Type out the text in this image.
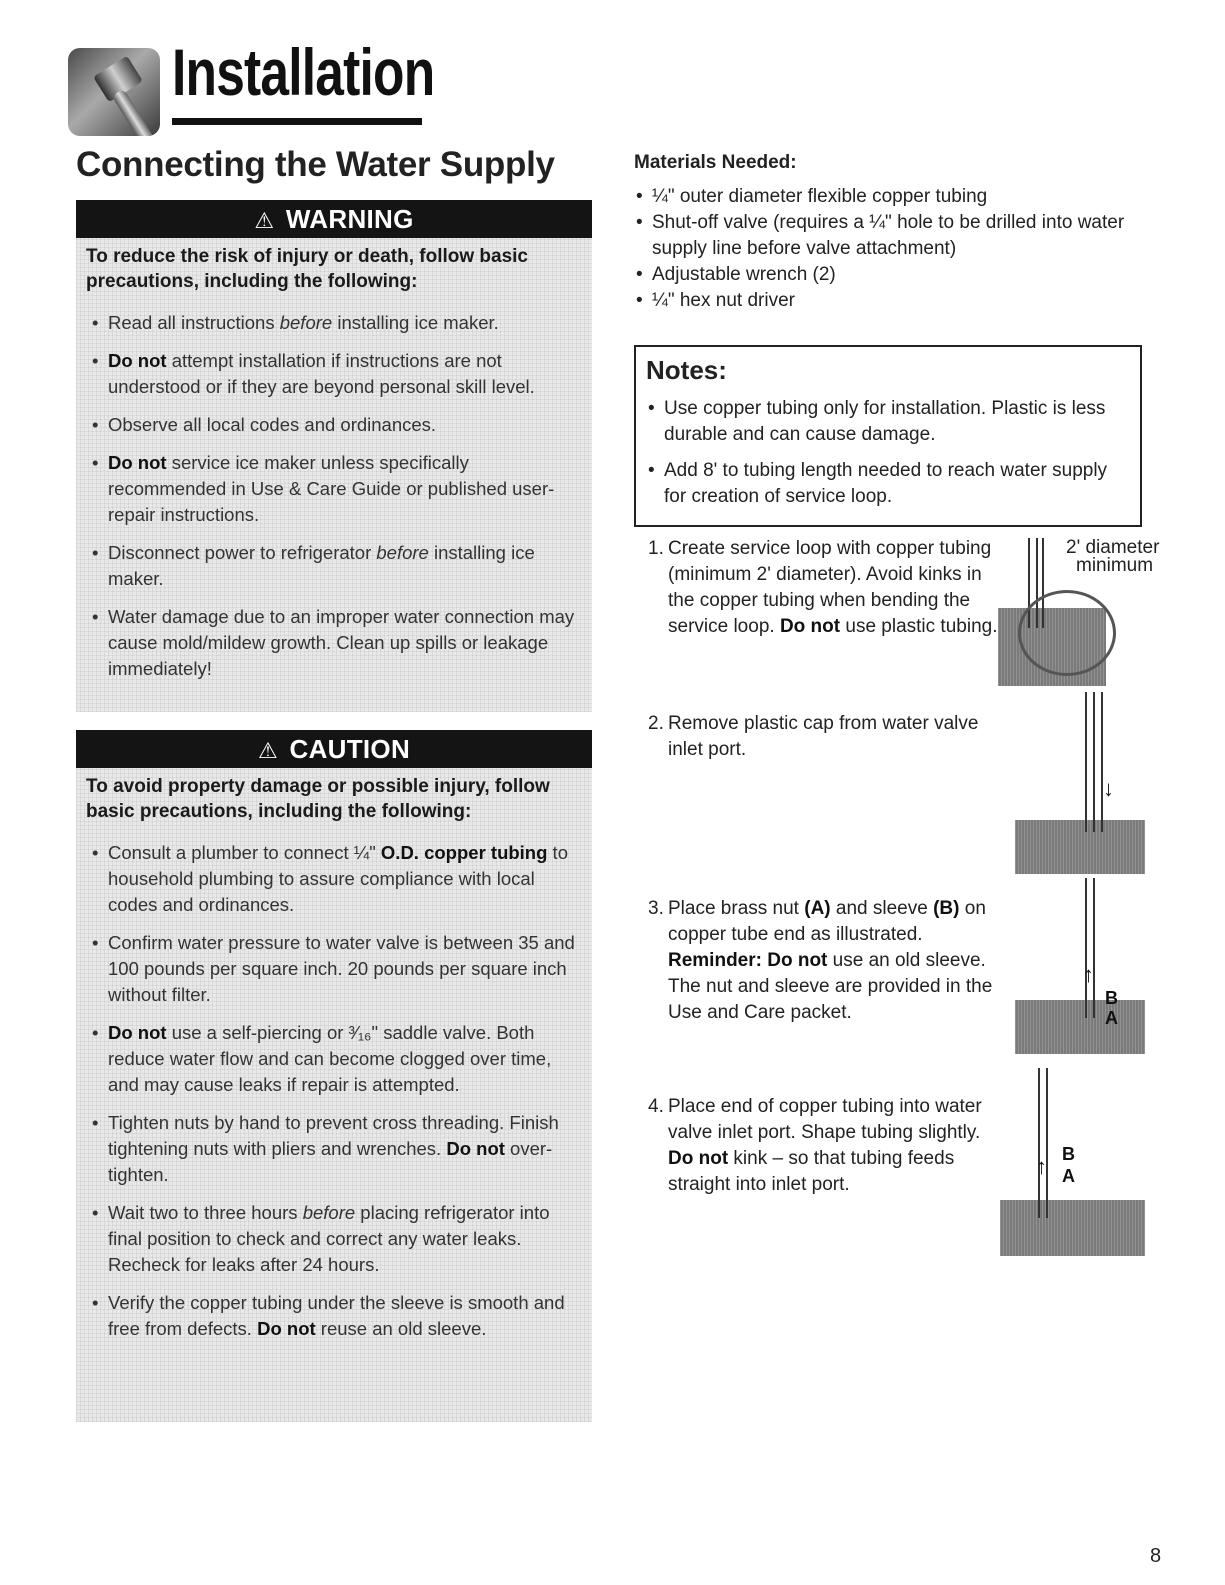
Installation
Connecting the Water Supply
⚠ WARNING
To reduce the risk of injury or death, follow basic precautions, including the following:
• Read all instructions before installing ice maker.
• Do not attempt installation if instructions are not understood or if they are beyond personal skill level.
• Observe all local codes and ordinances.
• Do not service ice maker unless specifically recommended in Use & Care Guide or published user-repair instructions.
• Disconnect power to refrigerator before installing ice maker.
• Water damage due to an improper water connection may cause mold/mildew growth. Clean up spills or leakage immediately!
⚠ CAUTION
To avoid property damage or possible injury, follow basic precautions, including the following:
• Consult a plumber to connect ¼" O.D. copper tubing to household plumbing to assure compliance with local codes and ordinances.
• Confirm water pressure to water valve is between 35 and 100 pounds per square inch. 20 pounds per square inch without filter.
• Do not use a self-piercing or ³⁄₁₆" saddle valve. Both reduce water flow and can become clogged over time, and may cause leaks if repair is attempted.
• Tighten nuts by hand to prevent cross threading. Finish tightening nuts with pliers and wrenches. Do not over-tighten.
• Wait two to three hours before placing refrigerator into final position to check and correct any water leaks. Recheck for leaks after 24 hours.
• Verify the copper tubing under the sleeve is smooth and free from defects. Do not reuse an old sleeve.
Materials Needed:
• ¼" outer diameter flexible copper tubing
• Shut-off valve (requires a ¼" hole to be drilled into water supply line before valve attachment)
• Adjustable wrench (2)
• ¼" hex nut driver
Notes:
• Use copper tubing only for installation. Plastic is less durable and can cause damage.
• Add 8' to tubing length needed to reach water supply for creation of service loop.
1. Create service loop with copper tubing (minimum 2' diameter). Avoid kinks in the copper tubing when bending the service loop. Do not use plastic tubing.
2' diameter
minimum
2. Remove plastic cap from water valve inlet port.
↓
3. Place brass nut (A) and sleeve (B) on copper tube end as illustrated. Reminder: Do not use an old sleeve. The nut and sleeve are provided in the Use and Care packet.
↑
B
A
4. Place end of copper tubing into water valve inlet port. Shape tubing slightly. Do not kink – so that tubing feeds straight into inlet port.
↑ B
A
8
